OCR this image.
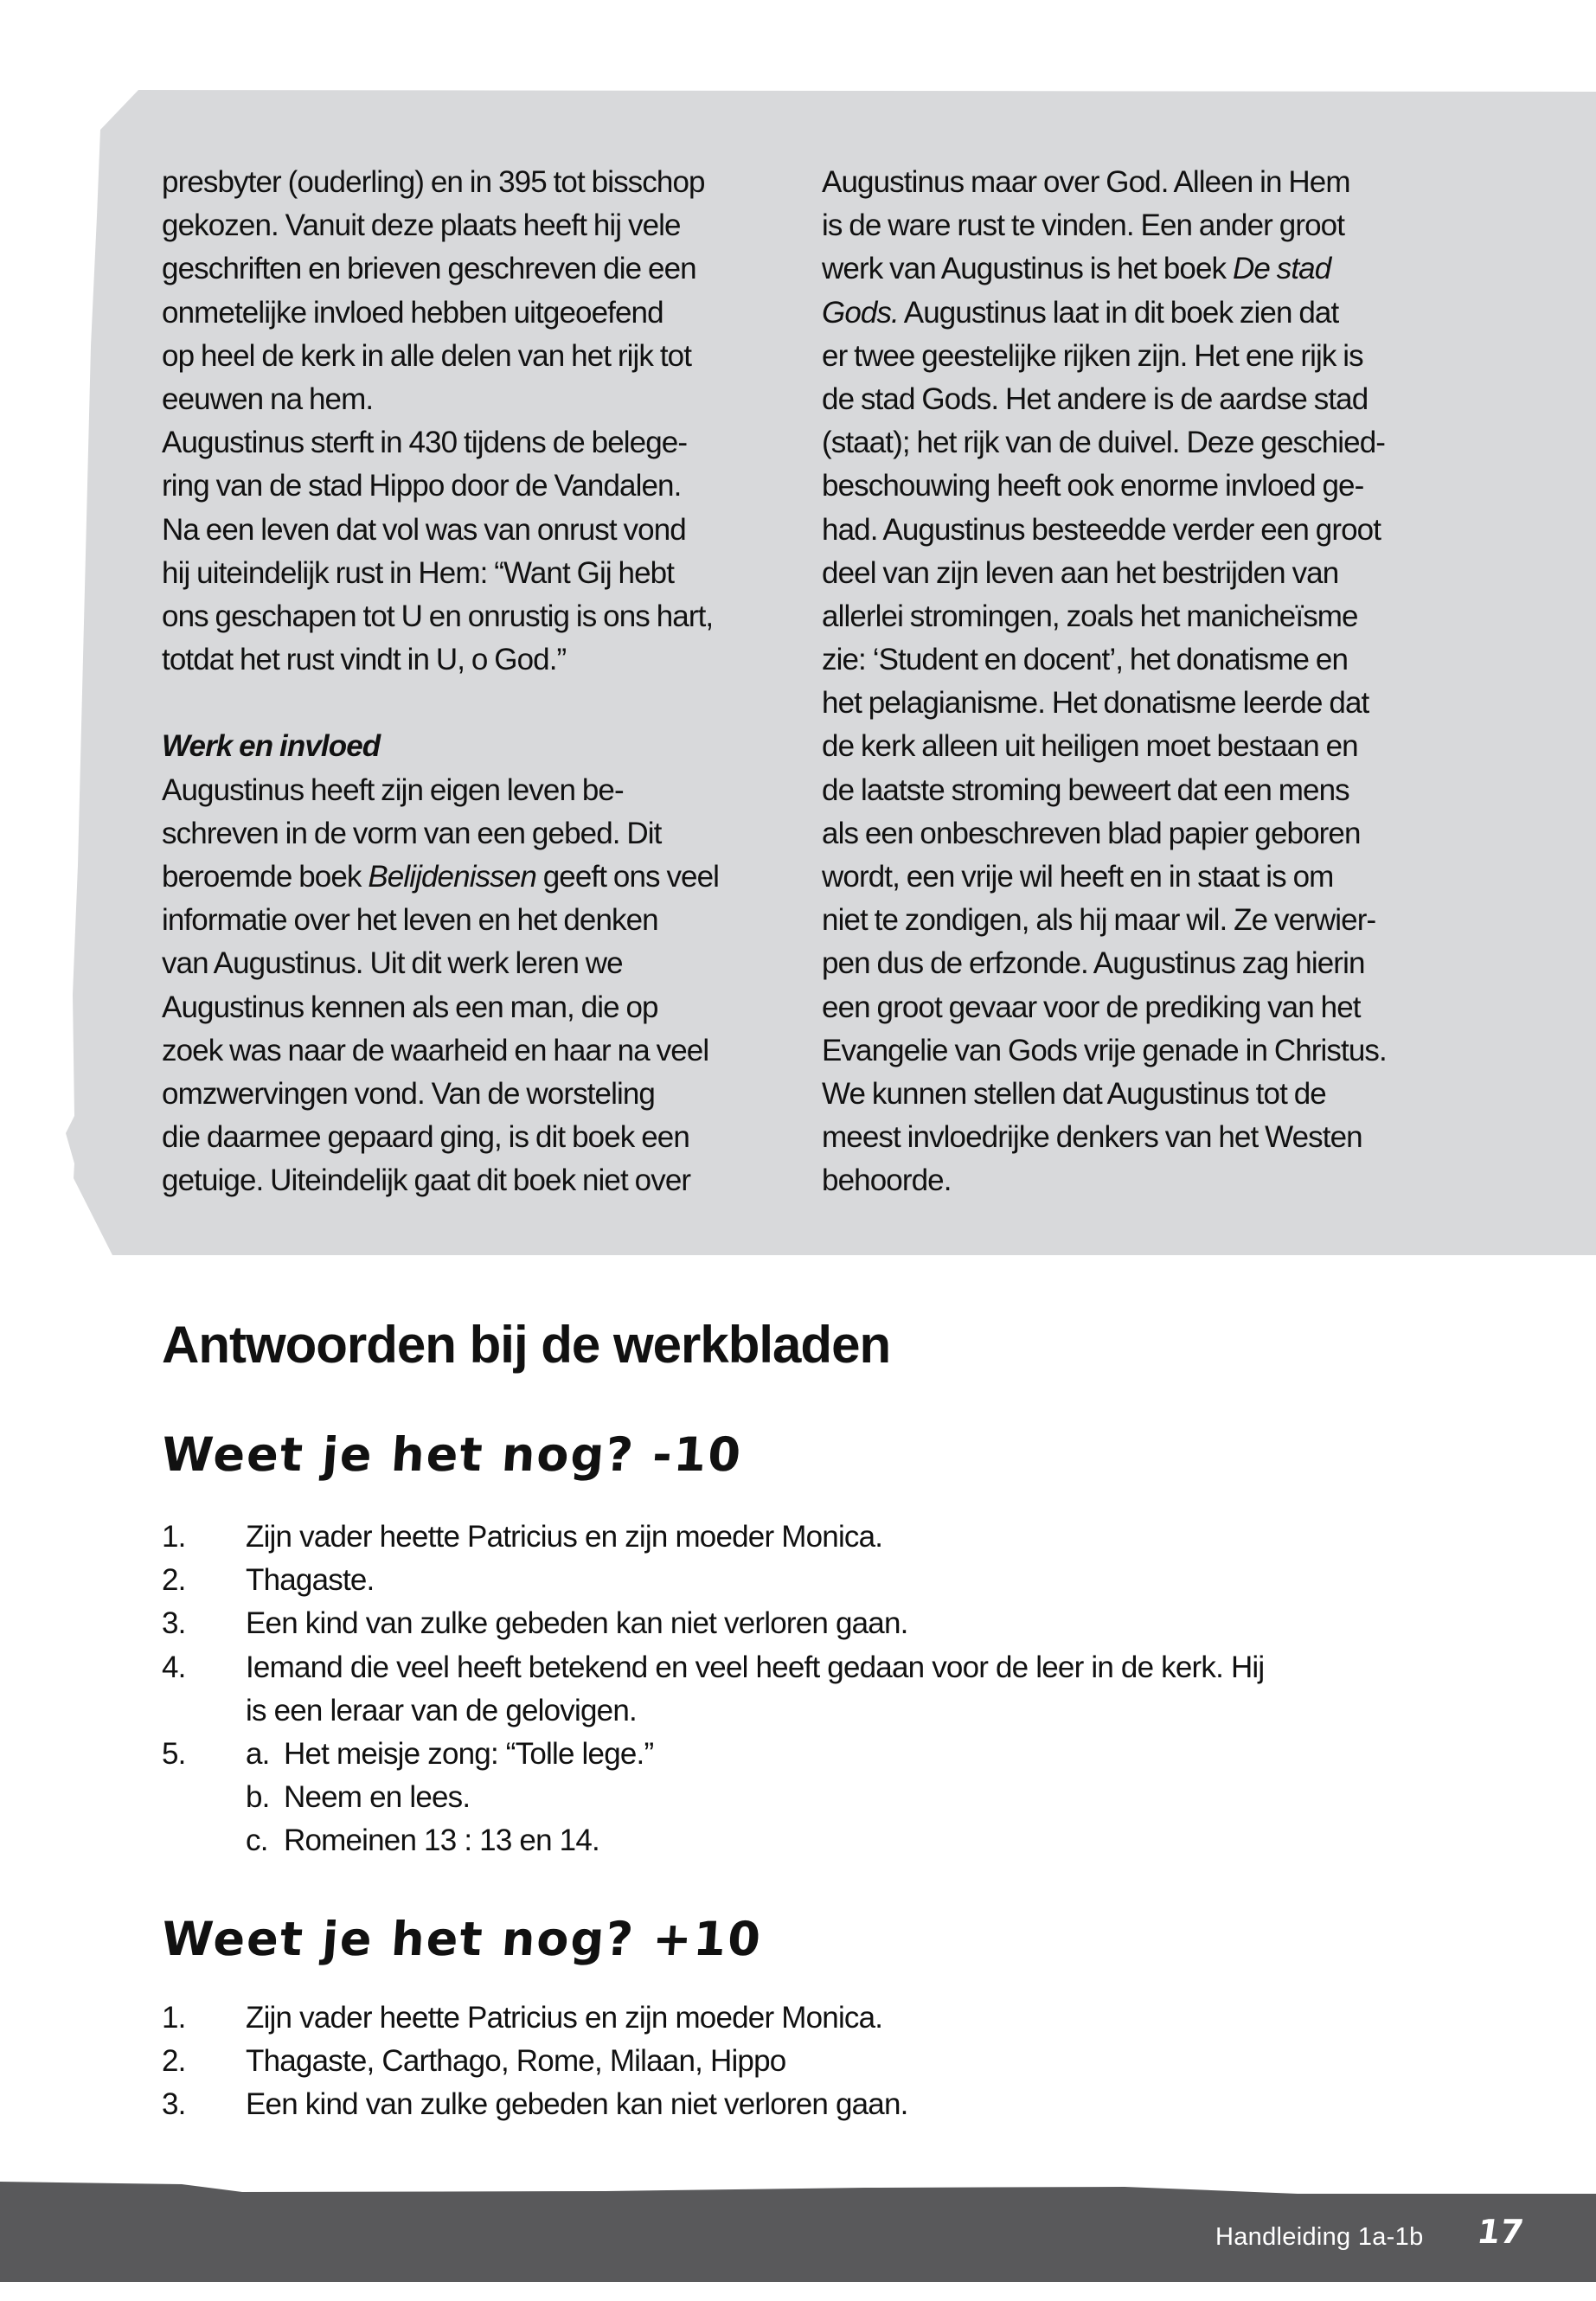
presbyter (ouderling) en in 395 tot bisschop
gekozen. Vanuit deze plaats heeft hij vele
geschriften en brieven geschreven die een
onmetelijke invloed hebben uitgeoefend
op heel de kerk in alle delen van het rijk tot
eeuwen na hem.
Augustinus sterft in 430 tijdens de belege-
ring van de stad Hippo door de Vandalen.
Na een leven dat vol was van onrust vond
hij uiteindelijk rust in Hem: “Want Gij hebt
ons geschapen tot U en onrustig is ons hart,
totdat het rust vindt in U, o God.”
Werk en invloed
Augustinus heeft zijn eigen leven be-
schreven in de vorm van een gebed. Dit
beroemde boek Belijdenissen geeft ons veel
informatie over het leven en het denken
van Augustinus. Uit dit werk leren we
Augustinus kennen als een man, die op
zoek was naar de waarheid en haar na veel
omzwervingen vond. Van de worsteling
die daarmee gepaard ging, is dit boek een
getuige. Uiteindelijk gaat dit boek niet over
Augustinus maar over God. Alleen in Hem
is de ware rust te vinden. Een ander groot
werk van Augustinus is het boek De stad
Gods. Augustinus laat in dit boek zien dat
er twee geestelijke rijken zijn. Het ene rijk is
de stad Gods. Het andere is de aardse stad
(staat); het rijk van de duivel. Deze geschied-
beschouwing heeft ook enorme invloed ge-
had. Augustinus besteedde verder een groot
deel van zijn leven aan het bestrijden van
allerlei stromingen, zoals het manicheïsme
zie: ‘Student en docent’, het donatisme en
het pelagianisme. Het donatisme leerde dat
de kerk alleen uit heiligen moet bestaan en
de laatste stroming beweert dat een mens
als een onbeschreven blad papier geboren
wordt, een vrije wil heeft en in staat is om
niet te zondigen, als hij maar wil. Ze verwier-
pen dus de erfzonde. Augustinus zag hierin
een groot gevaar voor de prediking van het
Evangelie van Gods vrije genade in Christus.
We kunnen stellen dat Augustinus tot de
meest invloedrijke denkers van het Westen
behoorde.
Antwoorden bij de werkbladen
Weet je het nog? -10
1. Zijn vader heette Patricius en zijn moeder Monica.
2. Thagaste.
3. Een kind van zulke gebeden kan niet verloren gaan.
4. Iemand die veel heeft betekend en veel heeft gedaan voor de leer in de kerk. Hij
is een leraar van de gelovigen.
5. a. Het meisje zong: “Tolle lege.”
b. Neem en lees.
c. Romeinen 13 : 13 en 14.
Weet je het nog? +10
1. Zijn vader heette Patricius en zijn moeder Monica.
2. Thagaste, Carthago, Rome, Milaan, Hippo
3. Een kind van zulke gebeden kan niet verloren gaan.
Handleiding 1a-1b 17
